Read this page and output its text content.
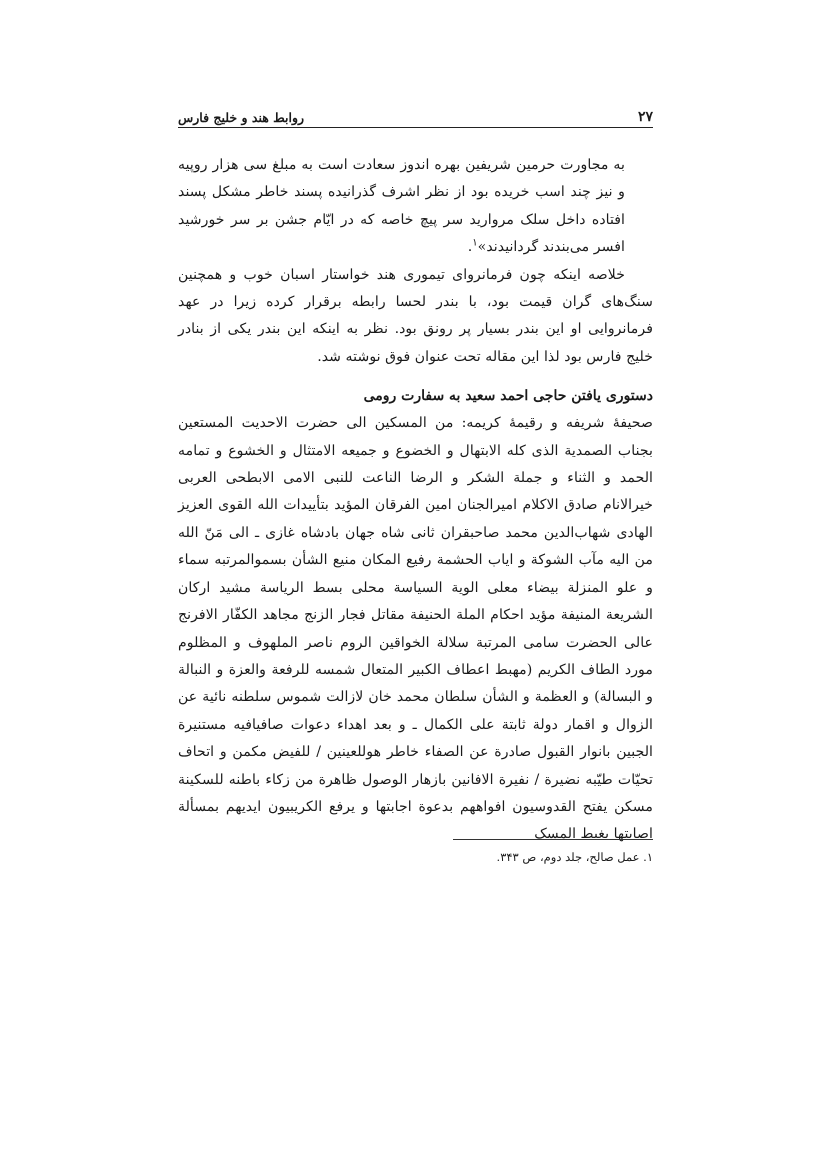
۲۷
روابط هند و خلیج فارس

به مجاورت حرمین شریفین بهره اندوز سعادت است به مبلغ سی هزار روپیه و نیز چند اسب خریده بود از نظر اشرف گذرانیده پسند خاطر مشکل پسند افتاده داخل سلک مروارید سر پیچ خاصه که در ایّام جشن بر سر خورشید افسر می‌بندند گردانیدند»$^۱$.

خلاصه اینکه چون فرمانروای تیموری هند خواستار اسبان خوب و همچنین سنگ‌های گران قیمت بود، با بندر لحسا رابطه برقرار کرده زیرا در عهد فرمانروایی او این بندر بسیار پر رونق بود. نظر به اینکه این بندر یکی از بنادر خلیج فارس بود لذا این مقاله تحت عنوان فوق نوشته شد.

دستوری یافتن حاجی احمد سعید به سفارت رومی

صحیفهٔ شریفه و رقیمهٔ کریمه: من المسکین الی حضرت الاحدیت المستعین بجناب الصمدیة الذی کله الابتهال و الخضوع و جمیعه الامتثال و الخشوع و تمامه الحمد و الثناء و جملة الشکر و الرضا الناعت للنبی الامی الابطحی العربی خیرالانام صادق الاکلام امیرالجنان امین الفرقان المؤید بتأییدات الله القوی العزیز الهادی شهاب‌الدین محمد صاحبقران ثانی شاه جهان بادشاه غازی ـ الی مَنّ الله من الیه مآب الشوکة و ایاب الحشمة رفیع المکان منیع الشأن بسموالمرتبه سماء و علو المنزلة بیضاء معلی الویة السیاسة محلی بسط الریاسة مشید ارکان الشریعة المنیفة مؤید احکام الملة الحنیفة مقاتل فجار الزنج مجاهد الکفّار الافرنج عالی الحضرت سامی المرتبة سلالة الخواقین الروم ناصر الملهوف و المظلوم مورد الطاف الکریم (مهبط اعطاف الکبیر المتعال شمسه للرفعة والعزة و النبالة و البسالة) و العظمة و الشأن سلطان محمد خان لازالت شموس سلطنه نائیة عن الزوال و اقمار دولة ثابتة علی الکمال ـ و بعد اهداء دعوات صافیافیه مستنیرة الجبین بانوار القبول صادرة عن الصفاء خاطر هوللعینین / للفیض مکمن و اتحاف تحیّات طیّبه نضیرة / نفیرة الافانین بازهار الوصول ظاهرة من زکاء باطنه للسکینة مسکن یفتح القدوسیون افواههم بدعوة اجابتها و یرفع الکریبیون ایدیهم بمسألة اصابتها یغبط المسک

۱. عمل صالح، جلد دوم، ص ۳۴۳.
